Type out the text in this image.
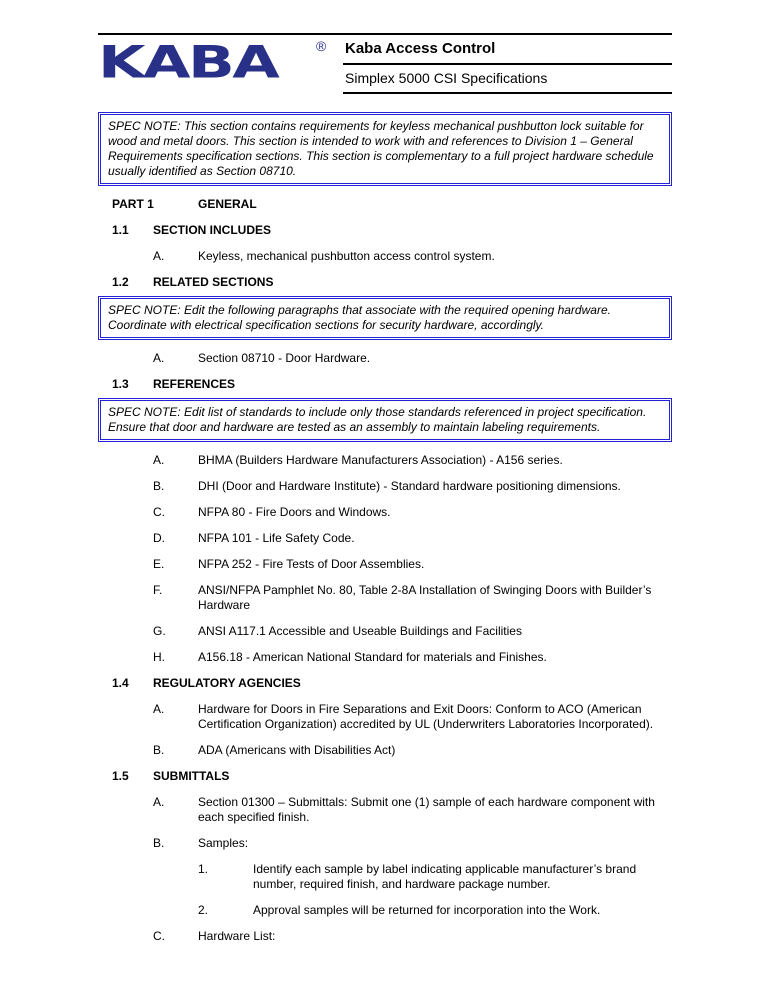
KABA	® Kaba Access Control
Simplex 5000 CSI Specifications
SPEC NOTE: This section contains requirements for keyless mechanical pushbutton lock suitable for wood and metal doors. This section is intended to work with and references to Division 1 – General Requirements specification sections. This section is complementary to a full project hardware schedule usually identified as Section 08710.
PART 1	GENERAL
1.1	SECTION INCLUDES
A.	Keyless, mechanical pushbutton access control system.
1.2	RELATED SECTIONS
SPEC NOTE: Edit the following paragraphs that associate with the required opening hardware. Coordinate with electrical specification sections for security hardware, accordingly.
A.	Section 08710 - Door Hardware.
1.3	REFERENCES
SPEC NOTE: Edit list of standards to include only those standards referenced in project specification. Ensure that door and hardware are tested as an assembly to maintain labeling requirements.
A.	BHMA (Builders Hardware Manufacturers Association) - A156 series.
B.	DHI (Door and Hardware Institute) - Standard hardware positioning dimensions.
C.	NFPA 80 - Fire Doors and Windows.
D.	NFPA 101 - Life Safety Code.
E.	NFPA 252 - Fire Tests of Door Assemblies.
F.	ANSI/NFPA Pamphlet No. 80, Table 2-8A Installation of Swinging Doors with Builder’s Hardware
G.	ANSI A117.1 Accessible and Useable Buildings and Facilities
H.	A156.18 - American National Standard for materials and Finishes.
1.4	REGULATORY AGENCIES
A.	Hardware for Doors in Fire Separations and Exit Doors: Conform to ACO (American Certification Organization) accredited by UL (Underwriters Laboratories Incorporated).
B.	ADA (Americans with Disabilities Act)
1.5	SUBMITTALS
A.	Section 01300 – Submittals: Submit one (1) sample of each hardware component with each specified finish.
B.	Samples:
1.	Identify each sample by label indicating applicable manufacturer’s brand number, required finish, and hardware package number.
2.	Approval samples will be returned for incorporation into the Work.
C.	Hardware List:
